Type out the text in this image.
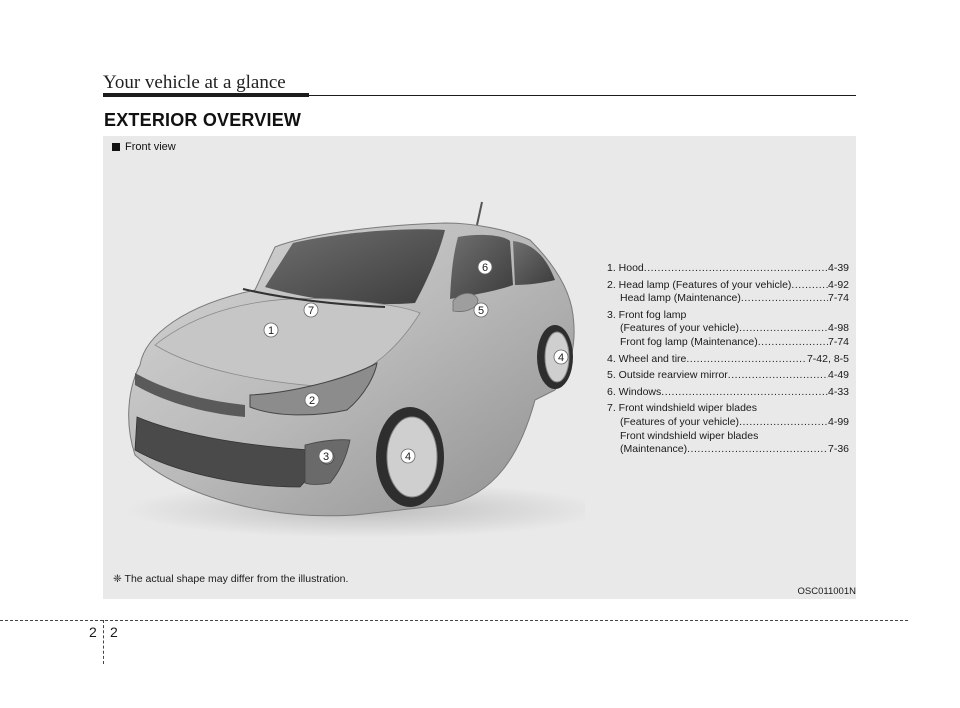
Your vehicle at a glance
EXTERIOR OVERVIEW
Front view
1
2
3	4
4
5
6
7
1. Hood .....	4-39
2. Head lamp (Features of your vehicle) .....	4-92
Head lamp (Maintenance) .....	7-74
3. Front fog lamp
(Features of your vehicle) .....	4-98
Front fog lamp (Maintenance) .....	7-74
4. Wheel and tire .....	7-42, 8-5
5. Outside rearview mirror .....	4-49
6. Windows .....	4-33
7. Front windshield wiper blades
(Features of your vehicle) .....	4-99
Front windshield wiper blades
(Maintenance) .....	7-36
❈ The actual shape may differ from the illustration.
OSC011001N
2 2
